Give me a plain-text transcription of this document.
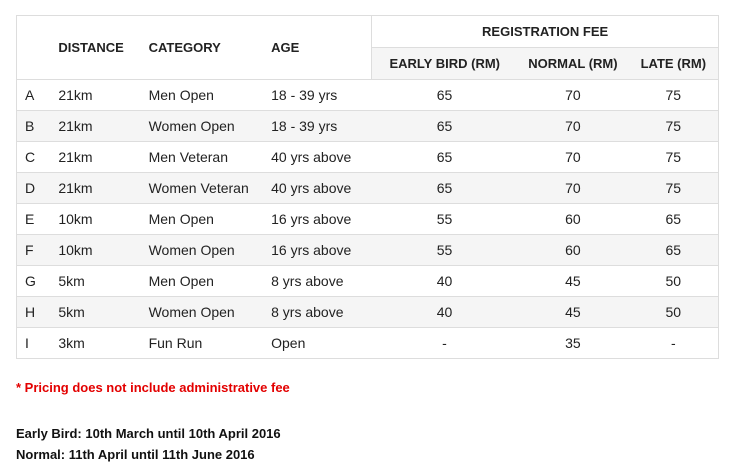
	DISTANCE	CATEGORY	AGE	REGISTRATION FEE		
				EARLY BIRD (RM)	NORMAL (RM)	LATE (RM)
A	21km	Men Open	18 - 39 yrs	65	70	75
B	21km	Women Open	18 - 39 yrs	65	70	75
C	21km	Men Veteran	40 yrs above	65	70	75
D	21km	Women Veteran	40 yrs above	65	70	75
E	10km	Men Open	16 yrs above	55	60	65
F	10km	Women Open	16 yrs above	55	60	65
G	5km	Men Open	8 yrs above	40	45	50
H	5km	Women Open	8 yrs above	40	45	50
I	3km	Fun Run	Open	-	35	-

* Pricing does not include administrative fee

Early Bird: 10th March until 10th April 2016
Normal: 11th April until 11th June 2016
